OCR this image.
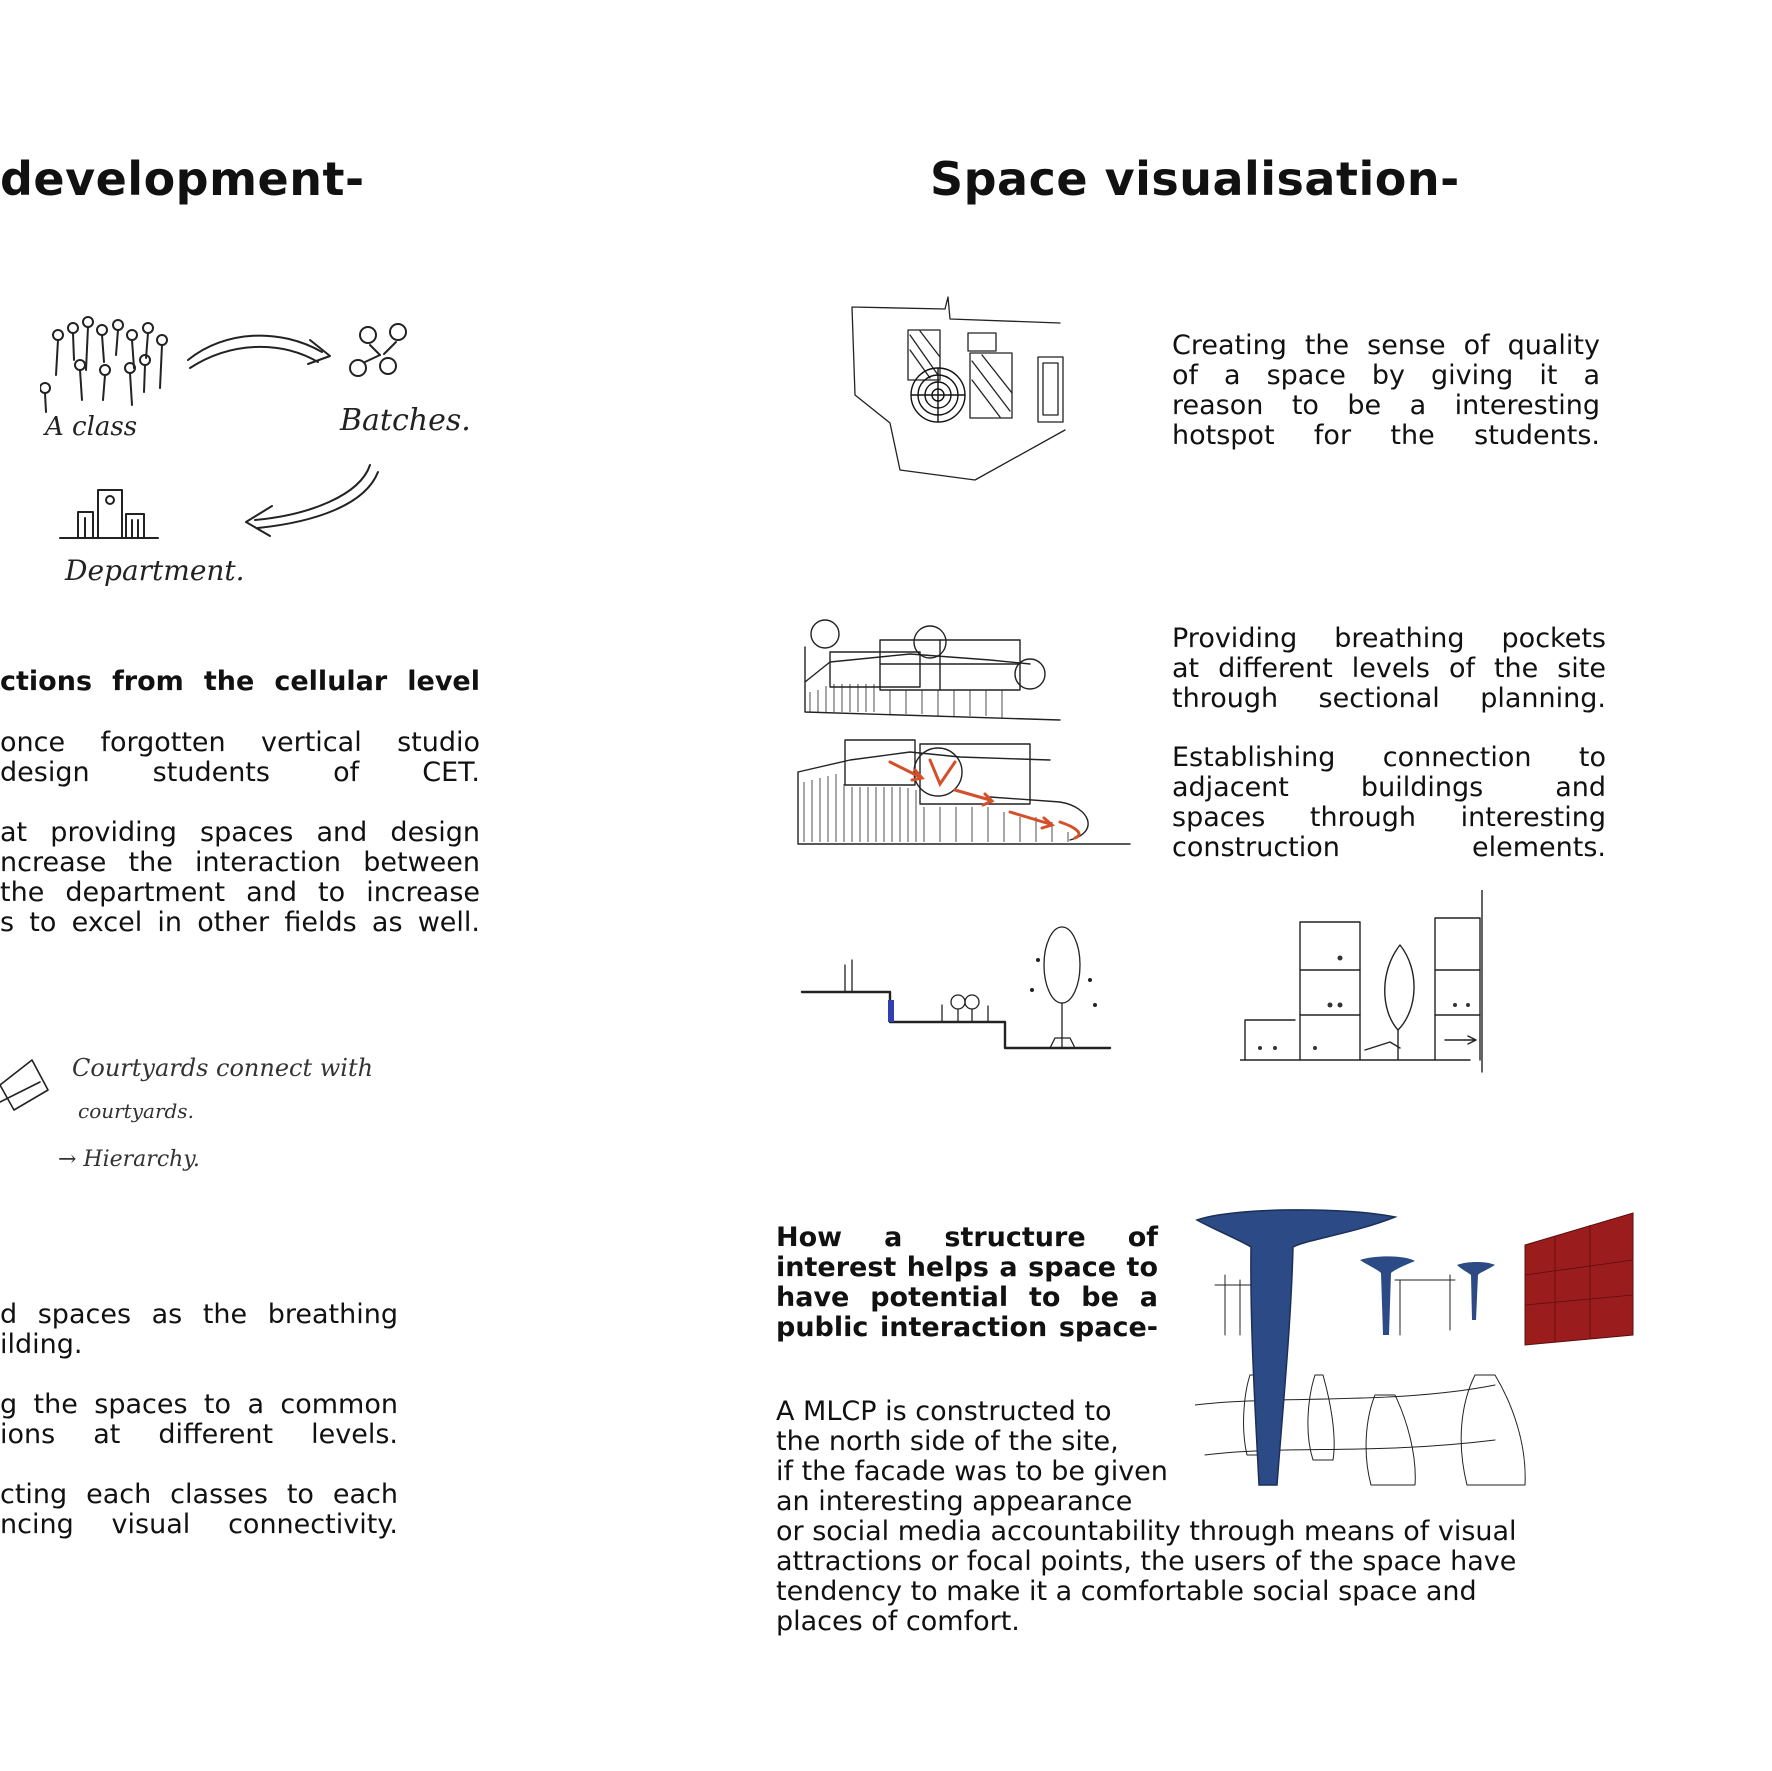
development-	Space visualisation-
A class	Batches.
Department.
ctions from the cellular level
once forgotten vertical studio
design students of CET.
at providing spaces and design
ncrease the interaction between
the department and to increase
s to excel in other fields as well.
Courtyards connect with
courtyards.
→ Hierarchy.
d spaces as the breathing
ilding.
g the spaces to a common
ions at different levels.
cting each classes to each
ncing visual connectivity.
Creating the sense of quality
of a space by giving it a
reason to be a interesting
hotspot for the students.
Providing breathing pockets
at different levels of the site
through sectional planning.
Establishing connection to
adjacent buildings and
spaces through interesting
construction elements.
How a structure of
interest helps a space to
have potential to be a
public interaction space-
A MLCP is constructed to
the north side of the site,
if the facade was to be given
an interesting appearance
or social media accountability through means of visual
attractions or focal points, the users of the space have
tendency to make it a comfortable social space and
places of comfort.
